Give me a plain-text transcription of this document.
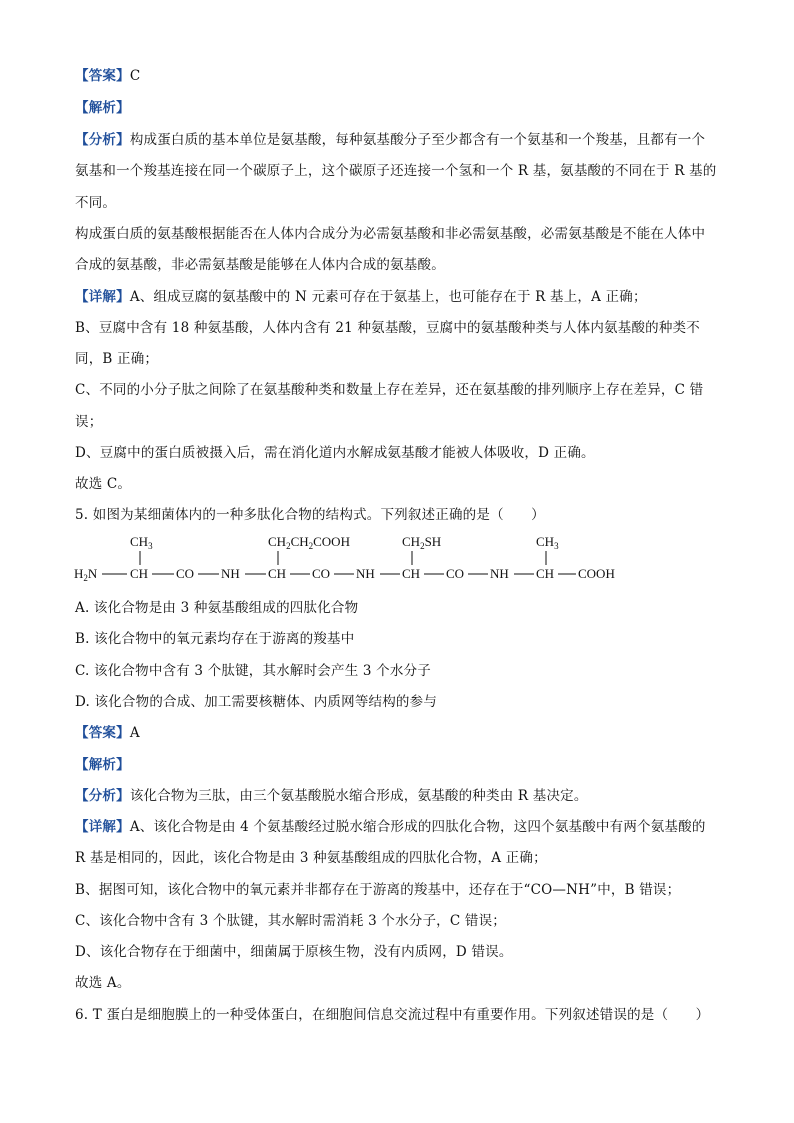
【答案】C
【解析】
【分析】构成蛋白质的基本单位是氨基酸，每种氨基酸分子至少都含有一个氨基和一个羧基，且都有一个
氨基和一个羧基连接在同一个碳原子上，这个碳原子还连接一个氢和一个 R 基，氨基酸的不同在于 R 基的
不同。
构成蛋白质的氨基酸根据能否在人体内合成分为必需氨基酸和非必需氨基酸，必需氨基酸是不能在人体中
合成的氨基酸，非必需氨基酸是能够在人体内合成的氨基酸。
【详解】A、组成豆腐的氨基酸中的 N 元素可存在于氨基上，也可能存在于 R 基上，A 正确；
B、豆腐中含有 18 种氨基酸，人体内含有 21 种氨基酸，豆腐中的氨基酸种类与人体内氨基酸的种类不
同，B 正确；
C、不同的小分子肽之间除了在氨基酸种类和数量上存在差异，还在氨基酸的排列顺序上存在差异，C 错
误；
D、豆腐中的蛋白质被摄入后，需在消化道内水解成氨基酸才能被人体吸收，D 正确。
故选 C。
5. 如图为某细菌体内的一种多肽化合物的结构式。下列叙述正确的是（　　）
$H_2N$	CH CO NH CH CO NH CH CO NH CH COOH
$CH_3$	$CH_2CH_2COOH$	$CH_2SH$	$CH_3$
A. 该化合物是由 3 种氨基酸组成的四肽化合物
B. 该化合物中的氧元素均存在于游离的羧基中
C. 该化合物中含有 3 个肽键，其水解时会产生 3 个水分子
D. 该化合物的合成、加工需要核糖体、内质网等结构的参与
【答案】A
【解析】
【分析】该化合物为三肽，由三个氨基酸脱水缩合形成，氨基酸的种类由 R 基决定。
【详解】A、该化合物是由 4 个氨基酸经过脱水缩合形成的四肽化合物，这四个氨基酸中有两个氨基酸的
R 基是相同的，因此，该化合物是由 3 种氨基酸组成的四肽化合物，A 正确；
B、据图可知，该化合物中的氧元素并非都存在于游离的羧基中，还存在于“CO—NH”中，B 错误；
C、该化合物中含有 3 个肽键，其水解时需消耗 3 个水分子，C 错误；
D、该化合物存在于细菌中，细菌属于原核生物，没有内质网，D 错误。
故选 A。
6. T 蛋白是细胞膜上的一种受体蛋白，在细胞间信息交流过程中有重要作用。下列叙述错误的是（　　）
